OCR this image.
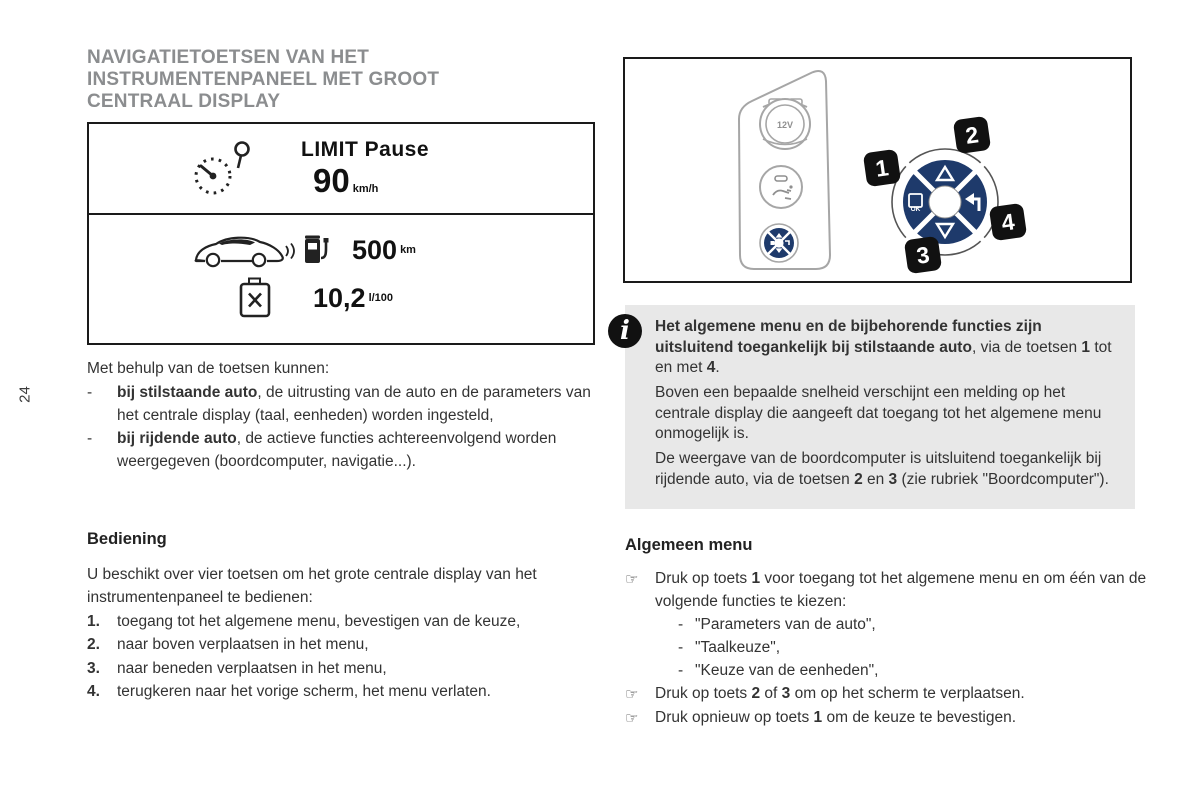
24
NAVIGATIETOETSEN VAN HET INSTRUMENTENPANEEL MET GROOT CENTRAAL DISPLAY
LIMIT Pause
90 km/h
500 km
10,2 l/100
Met behulp van de toetsen kunnen:
-	bij stilstaande auto, de uitrusting van de auto en de parameters van het centrale display (taal, eenheden) worden ingesteld,
-	bij rijdende auto, de actieve functies achtereenvolgend worden weergegeven (boordcomputer, navigatie...).
Bediening
U beschikt over vier toetsen om het grote centrale display van het instrumentenpaneel te bedienen:
1.	toegang tot het algemene menu, bevestigen van de keuze,
2.	naar boven verplaatsen in het menu,
3.	naar beneden verplaatsen in het menu,
4.	terugkeren naar het vorige scherm, het menu verlaten.
12V
OK
1
2
3
4
i	Het algemene menu en de bijbehorende functies zijn uitsluitend toegankelijk bij stilstaande auto, via de toetsen 1 tot en met 4.

Boven een bepaalde snelheid verschijnt een melding op het centrale display die aangeeft dat toegang tot het algemene menu onmogelijk is.

De weergave van de boordcomputer is uitsluitend toegankelijk bij rijdende auto, via de toetsen 2 en 3 (zie rubriek "Boordcomputer").

Algemeen menu
☞	Druk op toets 1 voor toegang tot het algemene menu en om één van de volgende functies te kiezen:
- "Parameters van de auto",
- "Taalkeuze",
- "Keuze van de eenheden",
☞	Druk op toets 2 of 3 om op het scherm te verplaatsen.
☞	Druk opnieuw op toets 1 om de keuze te bevestigen.
